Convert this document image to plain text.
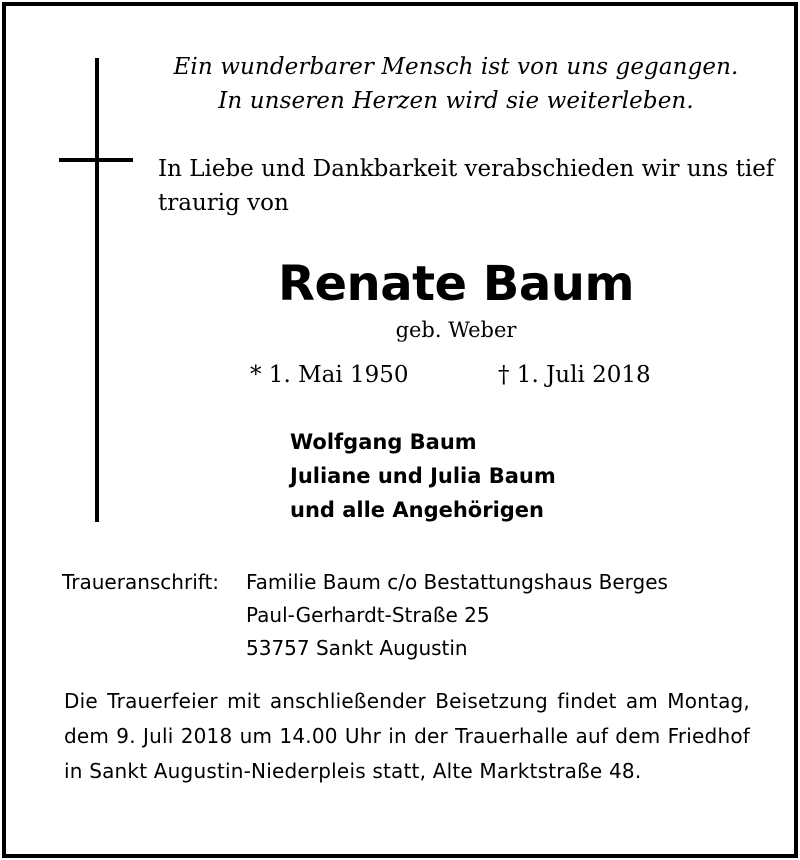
Ein wunderbarer Mensch ist von uns gegangen.
In unseren Herzen wird sie weiterleben.
In Liebe und Dankbarkeit verabschieden wir uns tief
traurig von
Renate Baum
geb. Weber
* 1. Mai 1950	† 1. Juli 2018
Wolfgang Baum
Juliane und Julia Baum
und alle Angehörigen
Traueranschrift: Familie Baum c/o Bestattungshaus Berges
Paul-Gerhardt-Straße 25
53757 Sankt Augustin
Die Trauerfeier mit anschließender Beisetzung findet am Montag, dem 9. Juli 2018 um 14.00 Uhr in der Trauerhalle auf dem Friedhof in Sankt Augustin-Niederpleis statt, Alte Marktstraße 48.
